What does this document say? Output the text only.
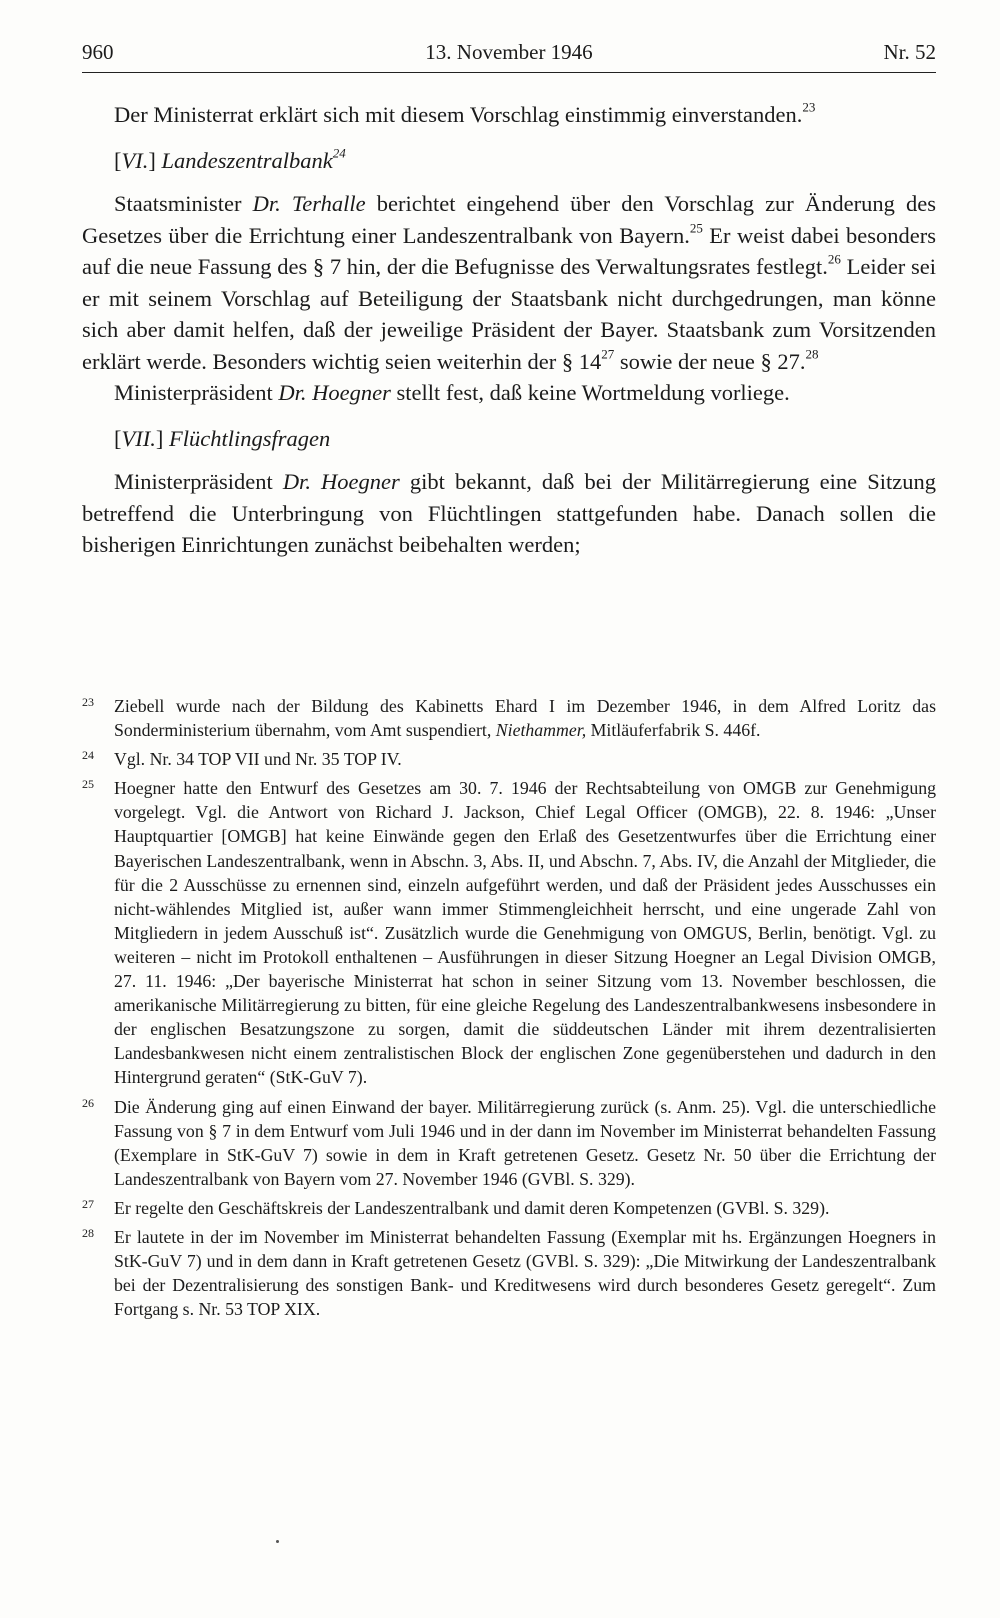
960	13. November 1946	Nr. 52

Der Ministerrat erklärt sich mit diesem Vorschlag einstimmig einverstanden.$^{23}$

[VI.] Landeszentralbank$^{24}$

Staatsminister Dr. Terhalle berichtet eingehend über den Vorschlag zur Änderung des Gesetzes über die Errichtung einer Landeszentralbank von Bayern.$^{25}$ Er weist dabei besonders auf die neue Fassung des § 7 hin, der die Befugnisse des Verwaltungsrates festlegt.$^{26}$ Leider sei er mit seinem Vorschlag auf Beteiligung der Staatsbank nicht durchgedrungen, man könne sich aber damit helfen, daß der jeweilige Präsident der Bayer. Staatsbank zum Vorsitzenden erklärt werde. Besonders wichtig seien weiterhin der § $14^{27}$ sowie der neue § 27.28

Ministerpräsident Dr. Hoegner stellt fest, daß keine Wortmeldung vorliege.

[VII.] Flüchtlingsfragen

Ministerpräsident Dr. Hoegner gibt bekannt, daß bei der Militärregierung eine Sitzung betreffend die Unterbringung von Flüchtlingen stattgefunden habe. Danach sollen die bisherigen Einrichtungen zunächst beibehalten werden;

23 Ziebell wurde nach der Bildung des Kabinetts Ehard I im Dezember 1946, in dem Alfred Loritz das Sonderministerium übernahm, vom Amt suspendiert, Niethammer, Mitläuferfabrik S. 446f.
24 Vgl. Nr. 34 TOP VII und Nr. 35 TOP IV.
25 Hoegner hatte den Entwurf des Gesetzes am 30. 7. 1946 der Rechtsabteilung von OMGB zur Genehmigung vorgelegt. Vgl. die Antwort von Richard J. Jackson, Chief Legal Officer (OMGB), 22. 8. 1946: „Unser Hauptquartier [OMGB] hat keine Einwände gegen den Erlaß des Gesetzentwurfes über die Errichtung einer Bayerischen Landeszentralbank, wenn in Abschn. 3, Abs. II, und Abschn. 7, Abs. IV, die Anzahl der Mitglieder, die für die 2 Ausschüsse zu ernennen sind, einzeln aufgeführt werden, und daß der Präsident jedes Ausschusses ein nicht-wählendes Mitglied ist, außer wann immer Stimmengleichheit herrscht, und eine ungerade Zahl von Mitgliedern in jedem Ausschuß ist“. Zusätzlich wurde die Genehmigung von OMGUS, Berlin, benötigt. Vgl. zu weiteren – nicht im Protokoll enthaltenen – Ausführungen in dieser Sitzung Hoegner an Legal Division OMGB, 27. 11. 1946: „Der bayerische Ministerrat hat schon in seiner Sitzung vom 13. November beschlossen, die amerikanische Militärregierung zu bitten, für eine gleiche Regelung des Landeszentralbankwesens insbesondere in der englischen Besatzungszone zu sorgen, damit die süddeutschen Länder mit ihrem dezentralisierten Landesbankwesen nicht einem zentralistischen Block der englischen Zone gegenüberstehen und dadurch in den Hintergrund geraten“ (StK-GuV 7).
26 Die Änderung ging auf einen Einwand der bayer. Militärregierung zurück (s. Anm. 25). Vgl. die unterschiedliche Fassung von § 7 in dem Entwurf vom Juli 1946 und in der dann im November im Ministerrat behandelten Fassung (Exemplare in StK-GuV 7) sowie in dem in Kraft getretenen Gesetz. Gesetz Nr. 50 über die Errichtung der Landeszentralbank von Bayern vom 27. November 1946 (GVBl. S. 329).
27 Er regelte den Geschäftskreis der Landeszentralbank und damit deren Kompetenzen (GVBl. S. 329).
28 Er lautete in der im November im Ministerrat behandelten Fassung (Exemplar mit hs. Ergänzungen Hoegners in StK-GuV 7) und in dem dann in Kraft getretenen Gesetz (GVBl. S. 329): „Die Mitwirkung der Landeszentralbank bei der Dezentralisierung des sonstigen Bank- und Kreditwesens wird durch besonderes Gesetz geregelt“. Zum Fortgang s. Nr. 53 TOP XIX.
